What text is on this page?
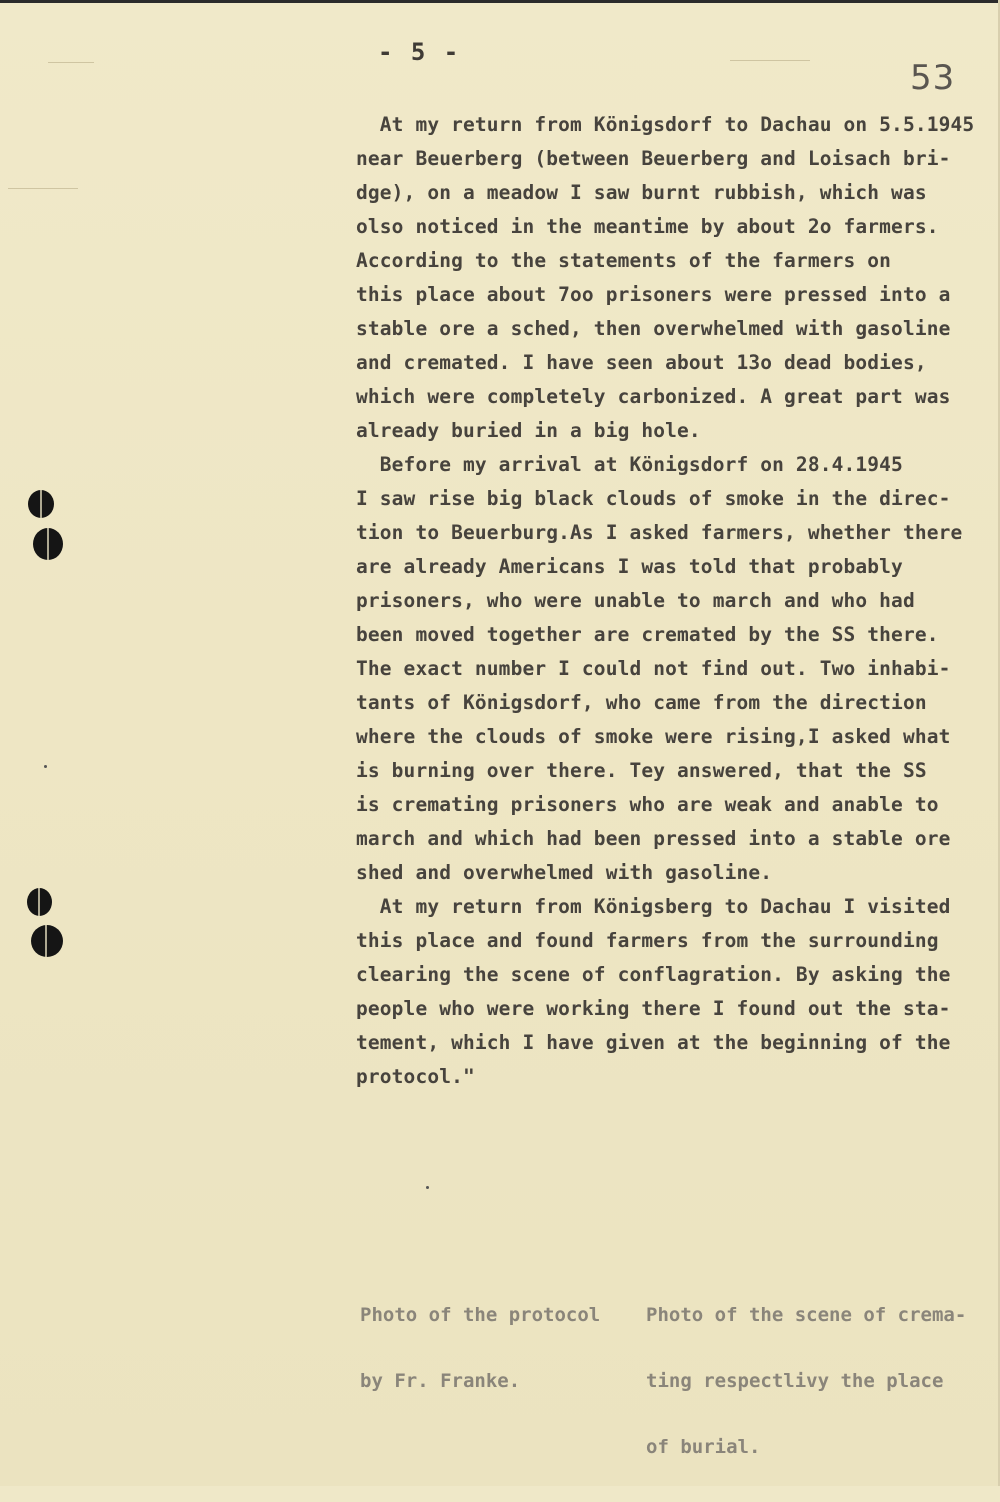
- 5 -
53
At my return from Königsdorf to Dachau on 5.5.1945
near Beuerberg (between Beuerberg and Loisach bri-
dge), on a meadow I saw burnt rubbish, which was
olso noticed in the meantime by about 2o farmers.
According to the statements of the farmers on
this place about 7oo prisoners were pressed into a
stable ore a sched, then overwhelmed with gasoline
and cremated. I have seen about 13o dead bodies,
which were completely carbonized. A great part was
already buried in a big hole.
Before my arrival at Königsdorf on 28.4.1945
I saw rise big black clouds of smoke in the direc-
tion to Beuerburg.As I asked farmers, whether there
are already Americans I was told that probably
prisoners, who were unable to march and who had
been moved together are cremated by the SS there.
The exact number I could not find out. Two inhabi-
tants of Königsdorf, who came from the direction
where the clouds of smoke were rising,I asked what
is burning over there. Tey answered, that the SS
is cremating prisoners who are weak and anable to
march and which had been pressed into a stable ore
shed and overwhelmed with gasoline.
At my return from Königsberg to Dachau I visited
this place and found farmers from the surrounding
clearing the scene of conflagration. By asking the
people who were working there I found out the sta-
tement, which I have given at the beginning of the
protocol."

Photo of the protocol

by Fr. Franke.

Photo of the scene of crema-

ting respectlivy the place

of burial.
